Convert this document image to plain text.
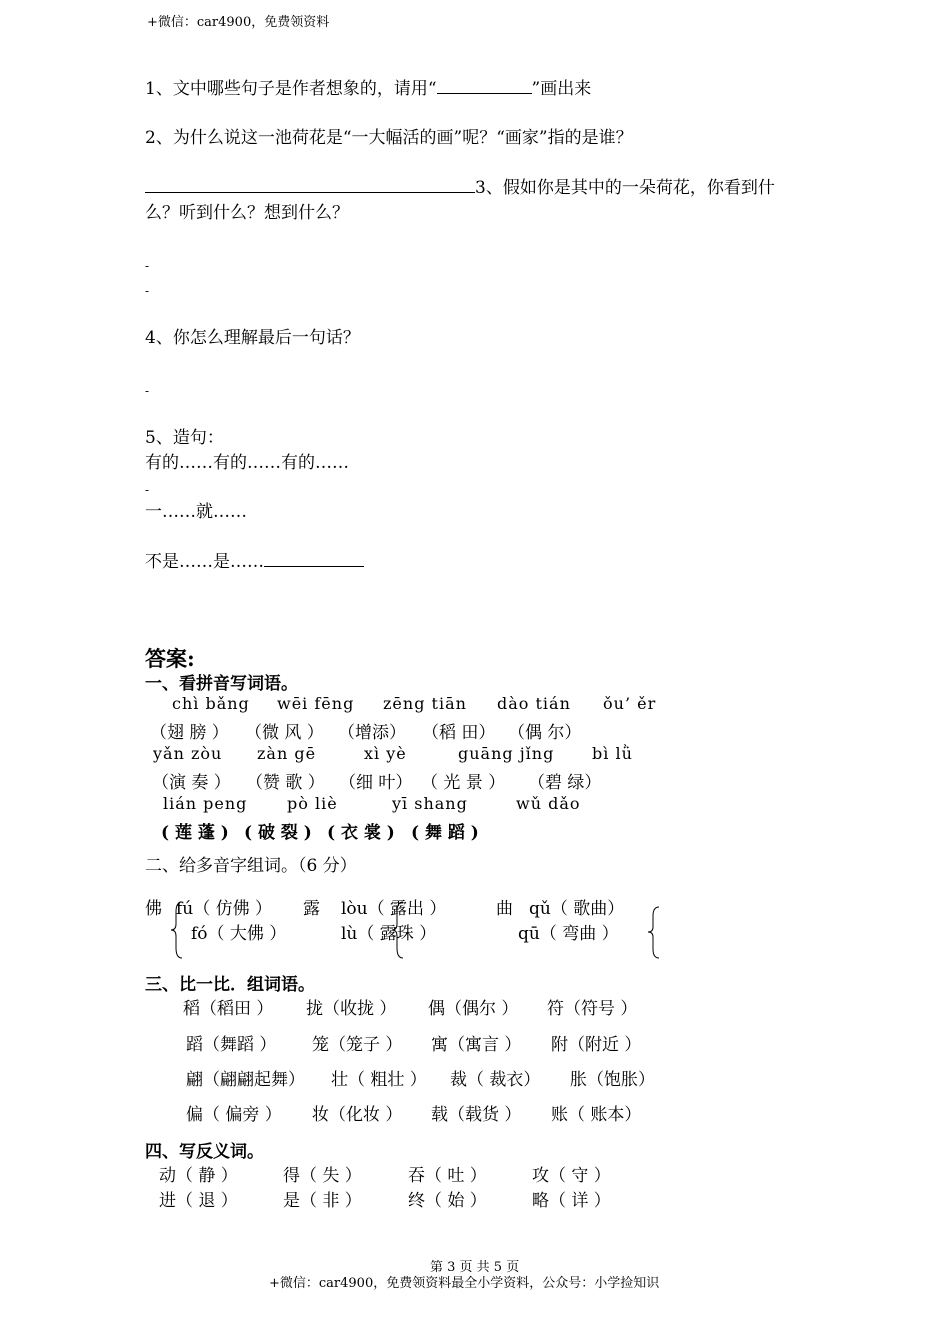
+微信：car4900，免费领资料
1、文中哪些句子是作者想象的，请用“	”画出来
2、为什么说这一池荷花是“一大幅活的画”呢？“画家”指的是谁？
3、假如你是其中的一朵荷花，你看到什
么？听到什么？想到什么？
-
-
4、你怎么理解最后一句话？
-
5、造句：
有的……有的……有的……
-
一……就……
不是……是……
答案:
一、看拼音写词语。
chì bǎng wēi fēng zēng tiān dào tián ǒu’ ěr
（翅 膀 ） （微 风 ） （增添） （稻 田） （偶 尔）
yǎn zòu zàn gē	xì yè	guāng jǐng bì lǜ
（演 奏 ） （赞 歌 ） （细 叶） （ 光 景 ） （碧 绿）
lián peng pò liè	yī shang	wǔ dǎo
( 莲 蓬 ) ( 破 裂 ) ( 衣 裳 ) ( 舞 蹈 )
二、给多音字组词。（6 分）
佛 fú（ 仿佛 ）
fó（ 大佛 ）
露 lòu（ 露出 ）
lù（ 露珠 ）
曲 qǔ（ 歌曲）
qū（ 弯曲 ）
三、比一比．组词语。
稻（稻田 ） 拢（收拢 ） 偶（偶尔 ） 符（符号 ）
蹈（舞蹈 ） 笼（笼子 ） 寓（寓言 ） 附（附近 ）
翩（翩翩起舞） 壮（ 粗壮 ） 裁（ 裁衣） 胀（饱胀）
偏（ 偏旁 ） 妆（化妆 ） 载（载货 ） 账（ 账本）
四、写反义词。
动（ 静 ）	得（ 失 ）	吞（ 吐 ）	攻（ 守 ）
进（ 退 ）	是（ 非 ）	终（ 始 ）	略（ 详 ）
第 3 页 共 5 页
+微信：car4900，免费领资料最全小学资料，公众号：小学捡知识
